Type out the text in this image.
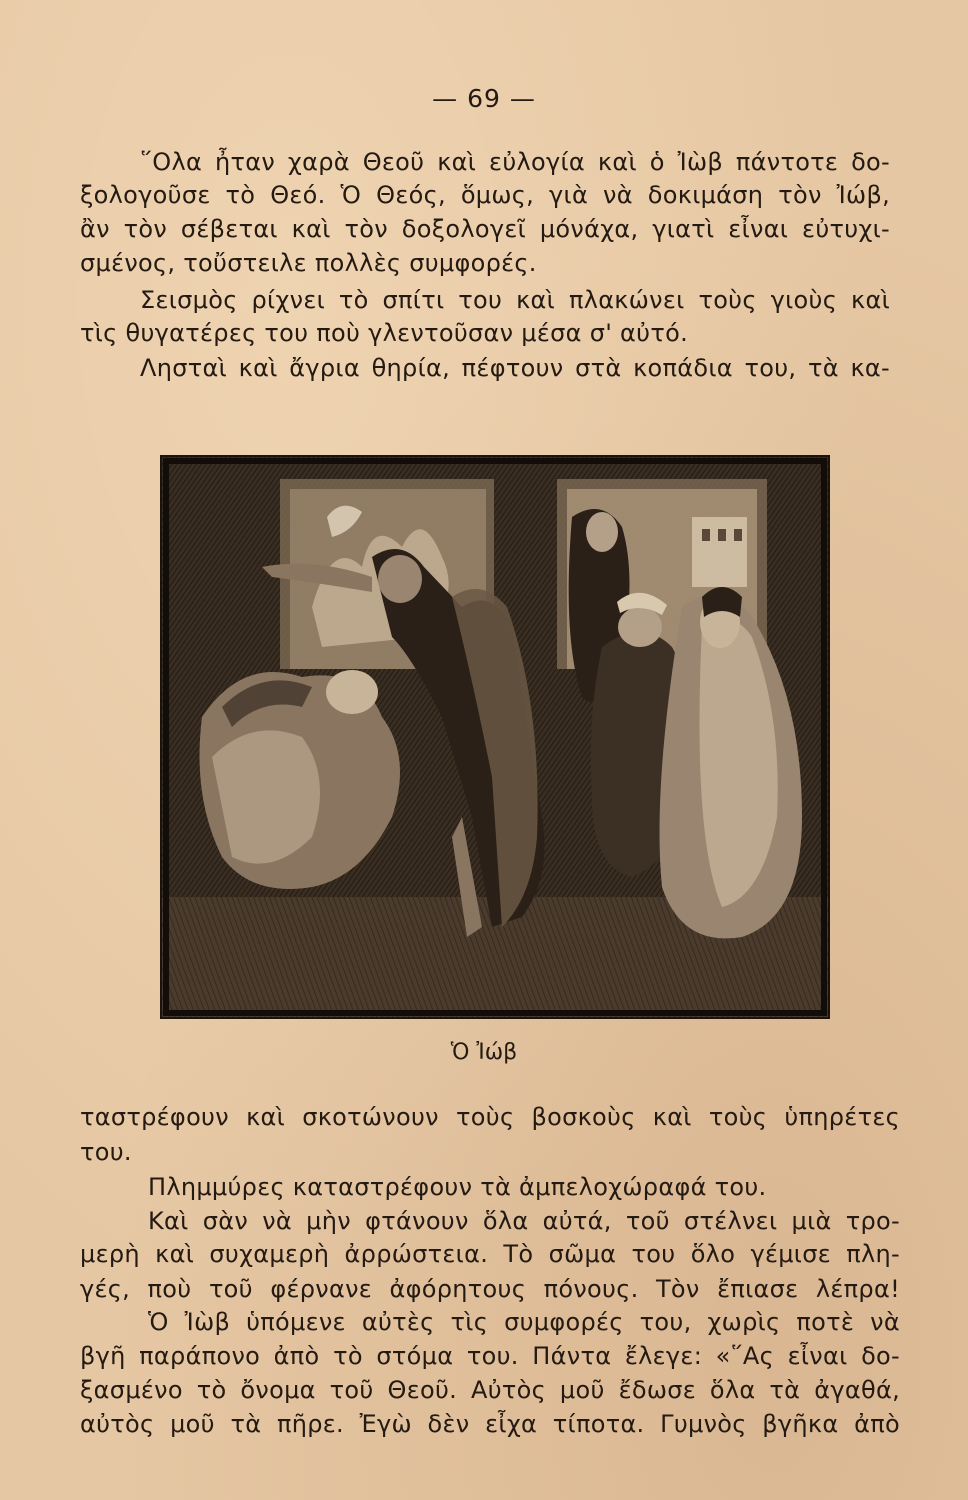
— 69 —
῞Ολα ἦταν χαρὰ Θεοῦ καὶ εὐλογία καὶ ὁ Ἰὼβ πάντοτε δο-
ξολογοῦσε τὸ Θεό. Ὁ Θεός, ὅμως, γιὰ νὰ δοκιμάση τὸν Ἰώβ,
ἂν τὸν σέβεται καὶ τὸν δοξολογεῖ μόνάχα, γιατὶ εἶναι εὐτυχι-
σμένος, τοὔστειλε πολλὲς συμφορές.
Σεισμὸς ρίχνει τὸ σπίτι του καὶ πλακώνει τοὺς γιοὺς καὶ
τὶς θυγατέρες του ποὺ γλεντοῦσαν μέσα σ' αὐτό.
Λησταὶ καὶ ἄγρια θηρία, πέφτουν στὰ κοπάδια του, τὰ κα-
Ὁ Ἰώβ
ταστρέφουν καὶ σκοτώνουν τοὺς βοσκοὺς καὶ τοὺς ὑπηρέτες
του.
Πλημμύρες καταστρέφουν τὰ ἀμπελοχώραφά του.
Καὶ σὰν νὰ μὴν φτάνουν ὅλα αὐτά, τοῦ στέλνει μιὰ τρο-
μερὴ καὶ συχαμερὴ ἀρρώστεια. Τὸ σῶμα του ὅλο γέμισε πλη-
γές, ποὺ τοῦ φέρνανε ἀφόρητους πόνους. Τὸν ἔπιασε λέπρα!
Ὁ Ἰὼβ ὑπόμενε αὐτὲς τὶς συμφορές του, χωρὶς ποτὲ νὰ
βγῆ παράπονο ἀπὸ τὸ στόμα του. Πάντα ἔλεγε: «῞Ας εἶναι δο-
ξασμένο τὸ ὄνομα τοῦ Θεοῦ. Αὐτὸς μοῦ ἔδωσε ὅλα τὰ ἀγαθά,
αὐτὸς μοῦ τὰ πῆρε. Ἐγὼ δὲν εἶχα τίποτα. Γυμνὸς βγῆκα ἀπὸ
